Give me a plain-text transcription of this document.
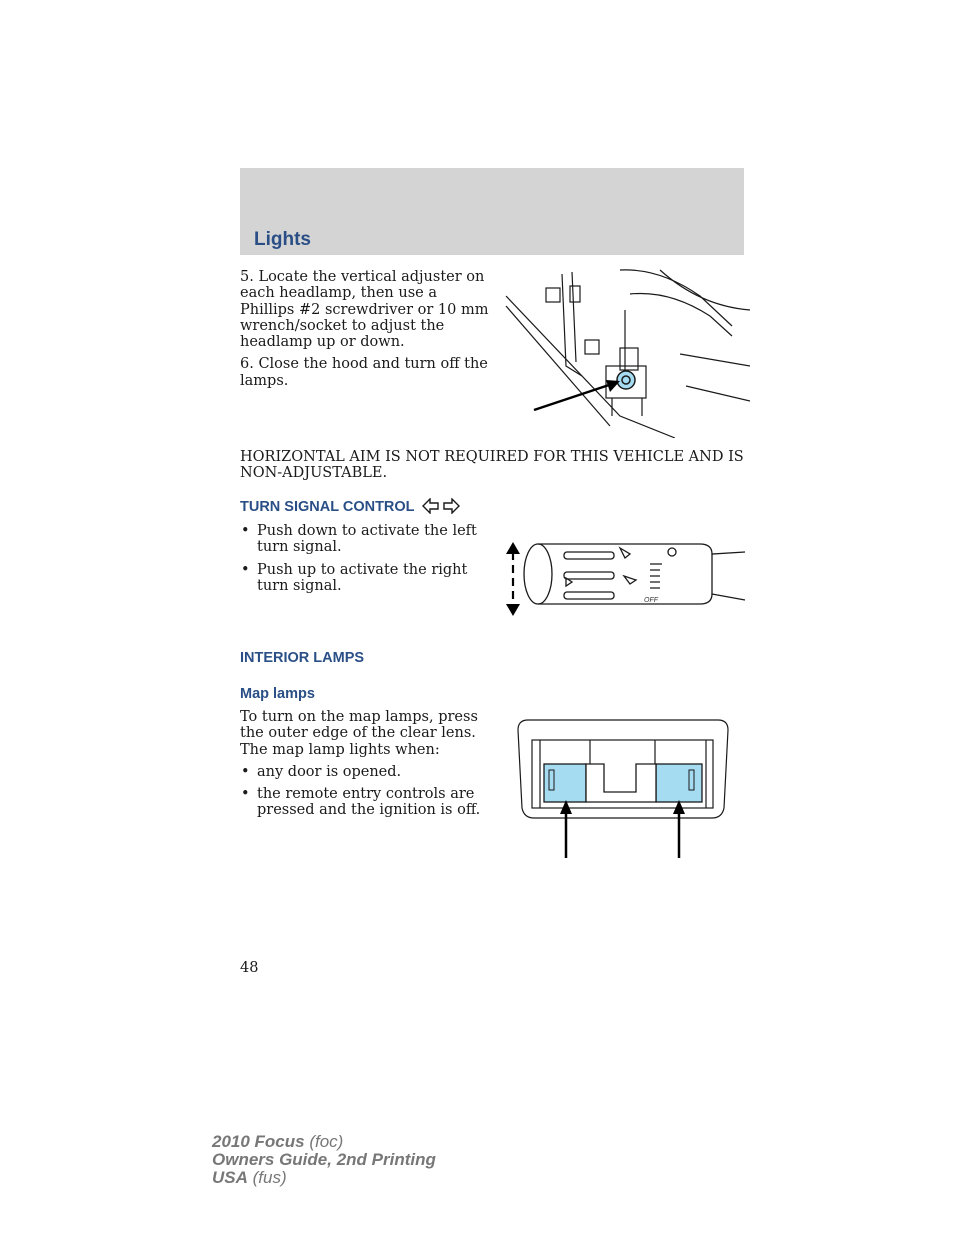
Lights

5. Locate the vertical adjuster on each headlamp, then use a Phillips #2 screwdriver or 10 mm wrench/socket to adjust the headlamp up or down.

6. Close the hood and turn off the lamps.

HORIZONTAL AIM IS NOT REQUIRED FOR THIS VEHICLE AND IS NON-ADJUSTABLE.
TURN SIGNAL CONTROL
• Push down to activate the left turn signal.
• Push up to activate the right turn signal.
OFF
INTERIOR LAMPS
Map lamps

To turn on the map lamps, press the outer edge of the clear lens. The map lamp lights when:

• any door is opened.
• the remote entry controls are pressed and the ignition is off.
48
2010 Focus (foc)
Owners Guide, 2nd Printing
USA (fus)
